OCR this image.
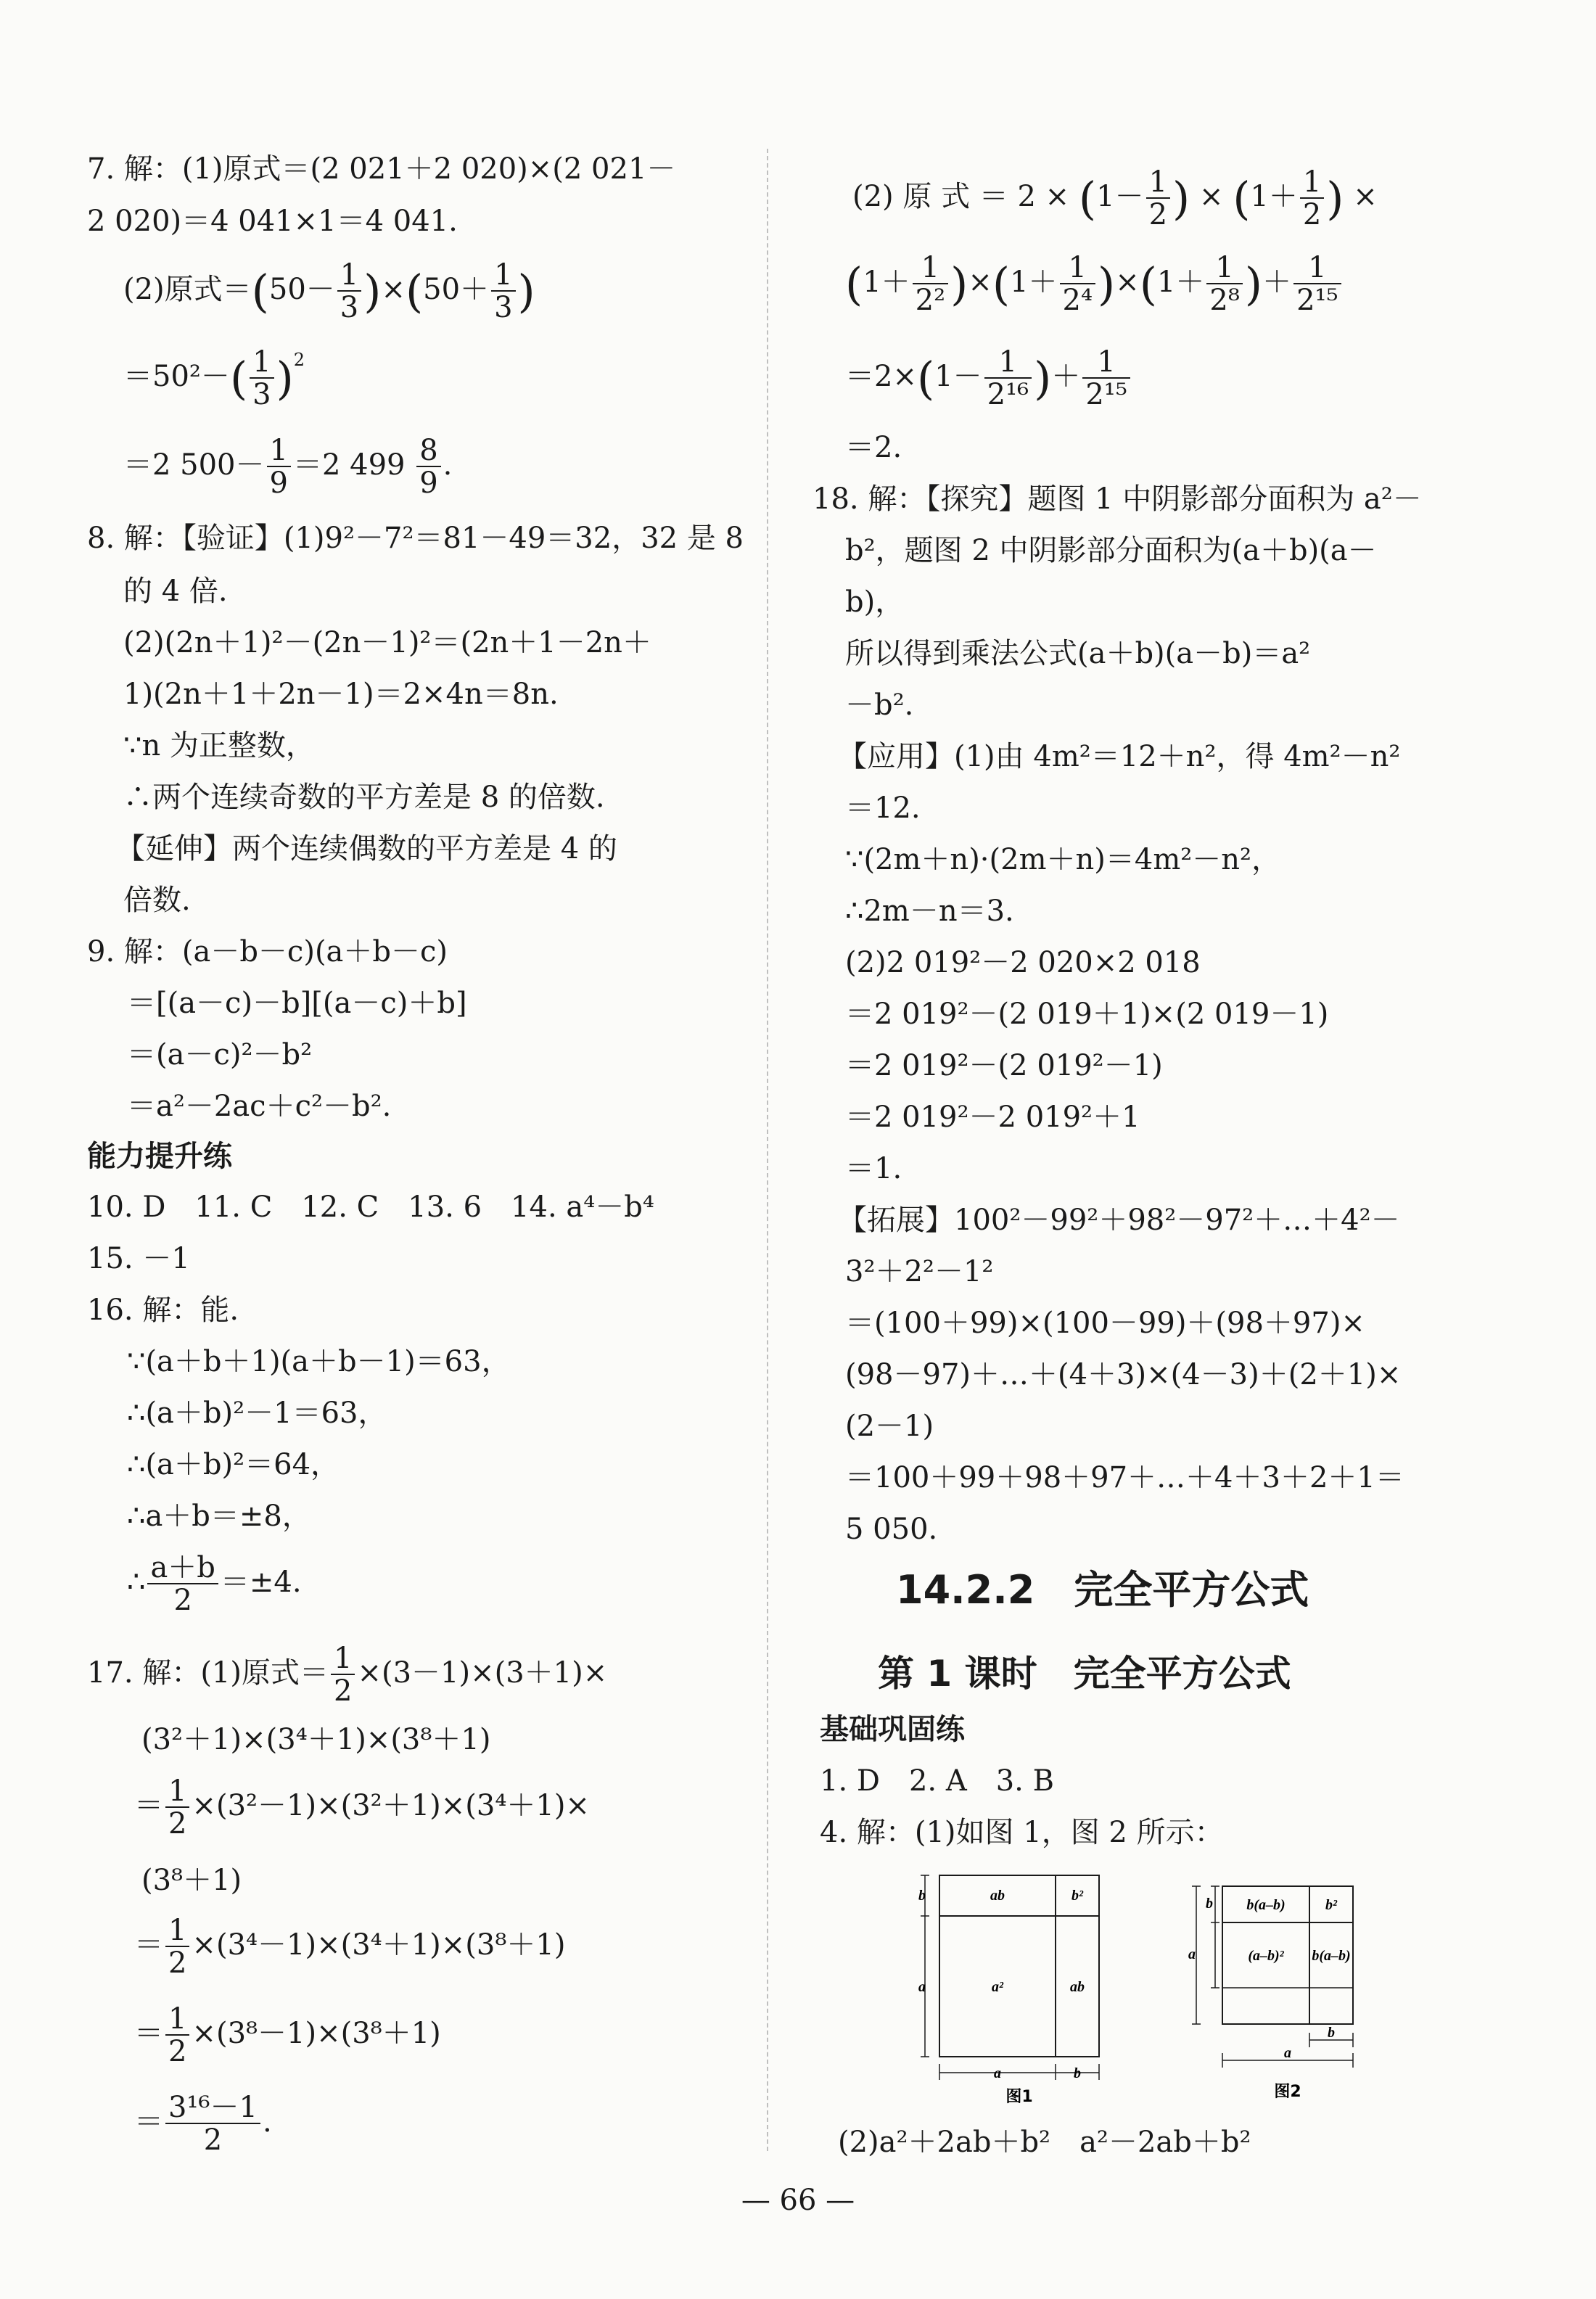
7. 解：(1)原式＝(2 021＋2 020)×(2 021－
2 020)＝4 041×1＝4 041.
(2)原式$=(50- \frac{1}{3} )\times(50+ \frac{1}{3}$ )
$=50^2-( \frac{1}{3} )^2$
＝2 $500- \frac{1}{9} =2$ $499 \frac{8}{9}$ .
8. 解：【验证】(1)9²－7²＝81－49＝32，32 是 8
的 4 倍.
(2)(2n＋1)²－(2n－1)²＝(2n＋1－2n＋
1)(2n＋1＋2n－1)＝2×4n＝8n.
∵n 为正整数，
∴两个连续奇数的平方差是 8 的倍数.
【延伸】两个连续偶数的平方差是 4 的
倍数.
9. 解：(a－b－c)(a＋b－c)
＝[(a－c)－b][(a－c)＋b]
＝(a－c)²－b²
＝a²－2ac＋c²－b².
能力提升练
10. D　11. C　12. C　13. 6　14. a⁴－b⁴
15. －1
16. 解：能.
∵(a＋b＋1)(a＋b－1)＝63，
∴(a＋b)²－1＝63，
∴(a＋b)²＝64，
∴a＋b＝±8，
∴ $\frac{a+b}{2} =\pm 4$.
17. 解：(1)原式＝ $\frac{1}{2} \times(3-1)\times(3+1)\times$
(3²＋1)×(3⁴＋1)×(3⁸＋1)
＝ $\frac{1}{2} \times(3^2-1)\times(3^2+1)\times(3^4+1)\times$
(3⁸＋1)
＝ $\frac{1}{2} \times(3^4-1)\times(3^4+1)\times(3^8+1)$
＝ $\frac{1}{2} \times(3^8-1)\times(3^8+1)$
＝ $\frac{\text{3¹⁶－1}}{2}$ .
(2) 原 式 ＝ $2 \times (1- \frac{1}{2}$ ) × ($1+ \frac{1}{2}$ ) ×
$(1+ \frac{1}{\text{2²}} )\times(1+ \frac{1}{\text{2⁴}} )\times(1+ \frac{1}{\text{2⁸}}$ )＋ $\frac{1}{\text{2¹⁵}}$
$=2\times(1- \frac{1}{\text{2¹⁶}}$ )＋ $\frac{1}{\text{2¹⁵}}$
＝2.
18. 解：【探究】题图 1 中阴影部分面积为 a²－
b²，题图 2 中阴影部分面积为(a＋b)(a－
b)，
所以得到乘法公式(a＋b)(a－b)＝a²
－b².
【应用】(1)由 4m²＝12＋n²，得 4m²－n²
＝12.
∵(2m＋n)·(2m＋n)＝4m²－n²，
∴2m－n＝3.
(2)2 019²－2 020×2 018
＝2 019²－(2 019＋1)×(2 019－1)
＝2 019²－(2 019²－1)
＝2 019²－2 019²＋1
＝1.
【拓展】100²－99²＋98²－97²＋…＋4²－
3²＋2²－1²
＝(100＋99)×(100－99)＋(98＋97)×
(98－97)＋…＋(4＋3)×(4－3)＋(2＋1)×
(2－1)
＝100＋99＋98＋97＋…＋4＋3＋2＋1＝
5 050.
14.2.2　 完全平方公式
第 1 课时　完全平方公式
基础巩固练
1. D　2. A　3. B
4. 解：(1)如图 1，图 2 所示：
ab	b²
a²	ab
b
a
a	b
图1
b(a–b)	b²
(a–b)² b(a–b)
b
a
a
b
图2
(2)a²＋2ab＋b²　a²－2ab＋b²
— 66 —
